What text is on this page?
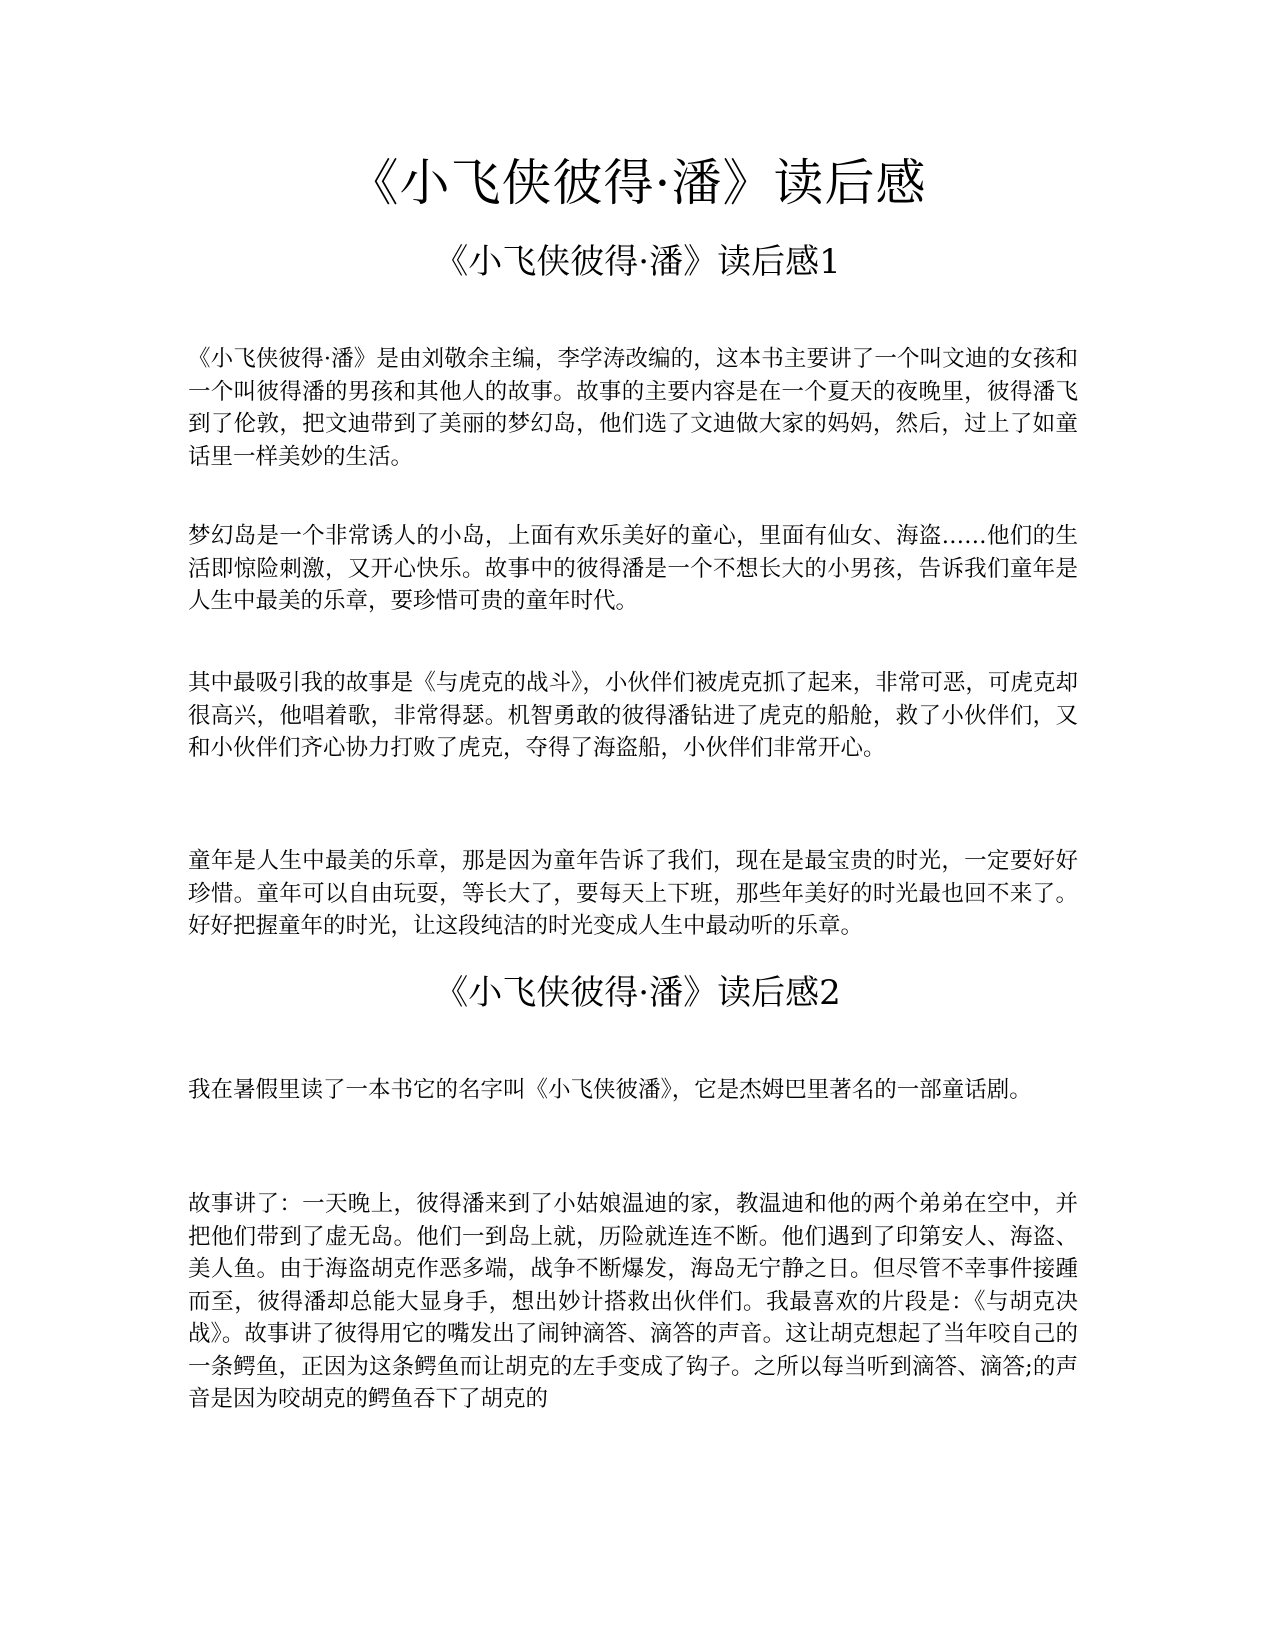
《小飞侠彼得·潘》读后感
《小飞侠彼得·潘》读后感1

《小飞侠彼得·潘》是由刘敬余主编，李学涛改编的，这本书主要讲了一个叫文迪的女孩和一个叫彼得潘的男孩和其他人的故事。故事的主要内容是在一个夏天的夜晚里，彼得潘飞到了伦敦，把文迪带到了美丽的梦幻岛，他们选了文迪做大家的妈妈，然后，过上了如童话里一样美妙的生活。

梦幻岛是一个非常诱人的小岛，上面有欢乐美好的童心，里面有仙女、海盗……他们的生活即惊险刺激，又开心快乐。故事中的彼得潘是一个不想长大的小男孩，告诉我们童年是人生中最美的乐章，要珍惜可贵的童年时代。

其中最吸引我的故事是《与虎克的战斗》，小伙伴们被虎克抓了起来，非常可恶，可虎克却很高兴，他唱着歌，非常得瑟。机智勇敢的彼得潘钻进了虎克的船舱，救了小伙伴们，又和小伙伴们齐心协力打败了虎克，夺得了海盗船，小伙伴们非常开心。

童年是人生中最美的乐章，那是因为童年告诉了我们，现在是最宝贵的时光，一定要好好珍惜。童年可以自由玩耍，等长大了，要每天上下班，那些年美好的时光最也回不来了。好好把握童年的时光，让这段纯洁的时光变成人生中最动听的乐章。

《小飞侠彼得·潘》读后感2

我在暑假里读了一本书它的名字叫《小飞侠彼潘》，它是杰姆巴里著名的一部童话剧。

故事讲了：一天晚上，彼得潘来到了小姑娘温迪的家，教温迪和他的两个弟弟在空中，并把他们带到了虚无岛。他们一到岛上就，历险就连连不断。他们遇到了印第安人、海盗、美人鱼。由于海盗胡克作恶多端，战争不断爆发，海岛无宁静之日。但尽管不幸事件接踵而至，彼得潘却总能大显身手，想出妙计搭救出伙伴们。我最喜欢的片段是：《与胡克决战》。故事讲了彼得用它的嘴发出了闹钟滴答、滴答的声音。这让胡克想起了当年咬自己的一条鳄鱼，正因为这条鳄鱼而让胡克的左手变成了钩子。之所以每当听到滴答、滴答;的声音是因为咬胡克的鳄鱼吞下了胡克的
